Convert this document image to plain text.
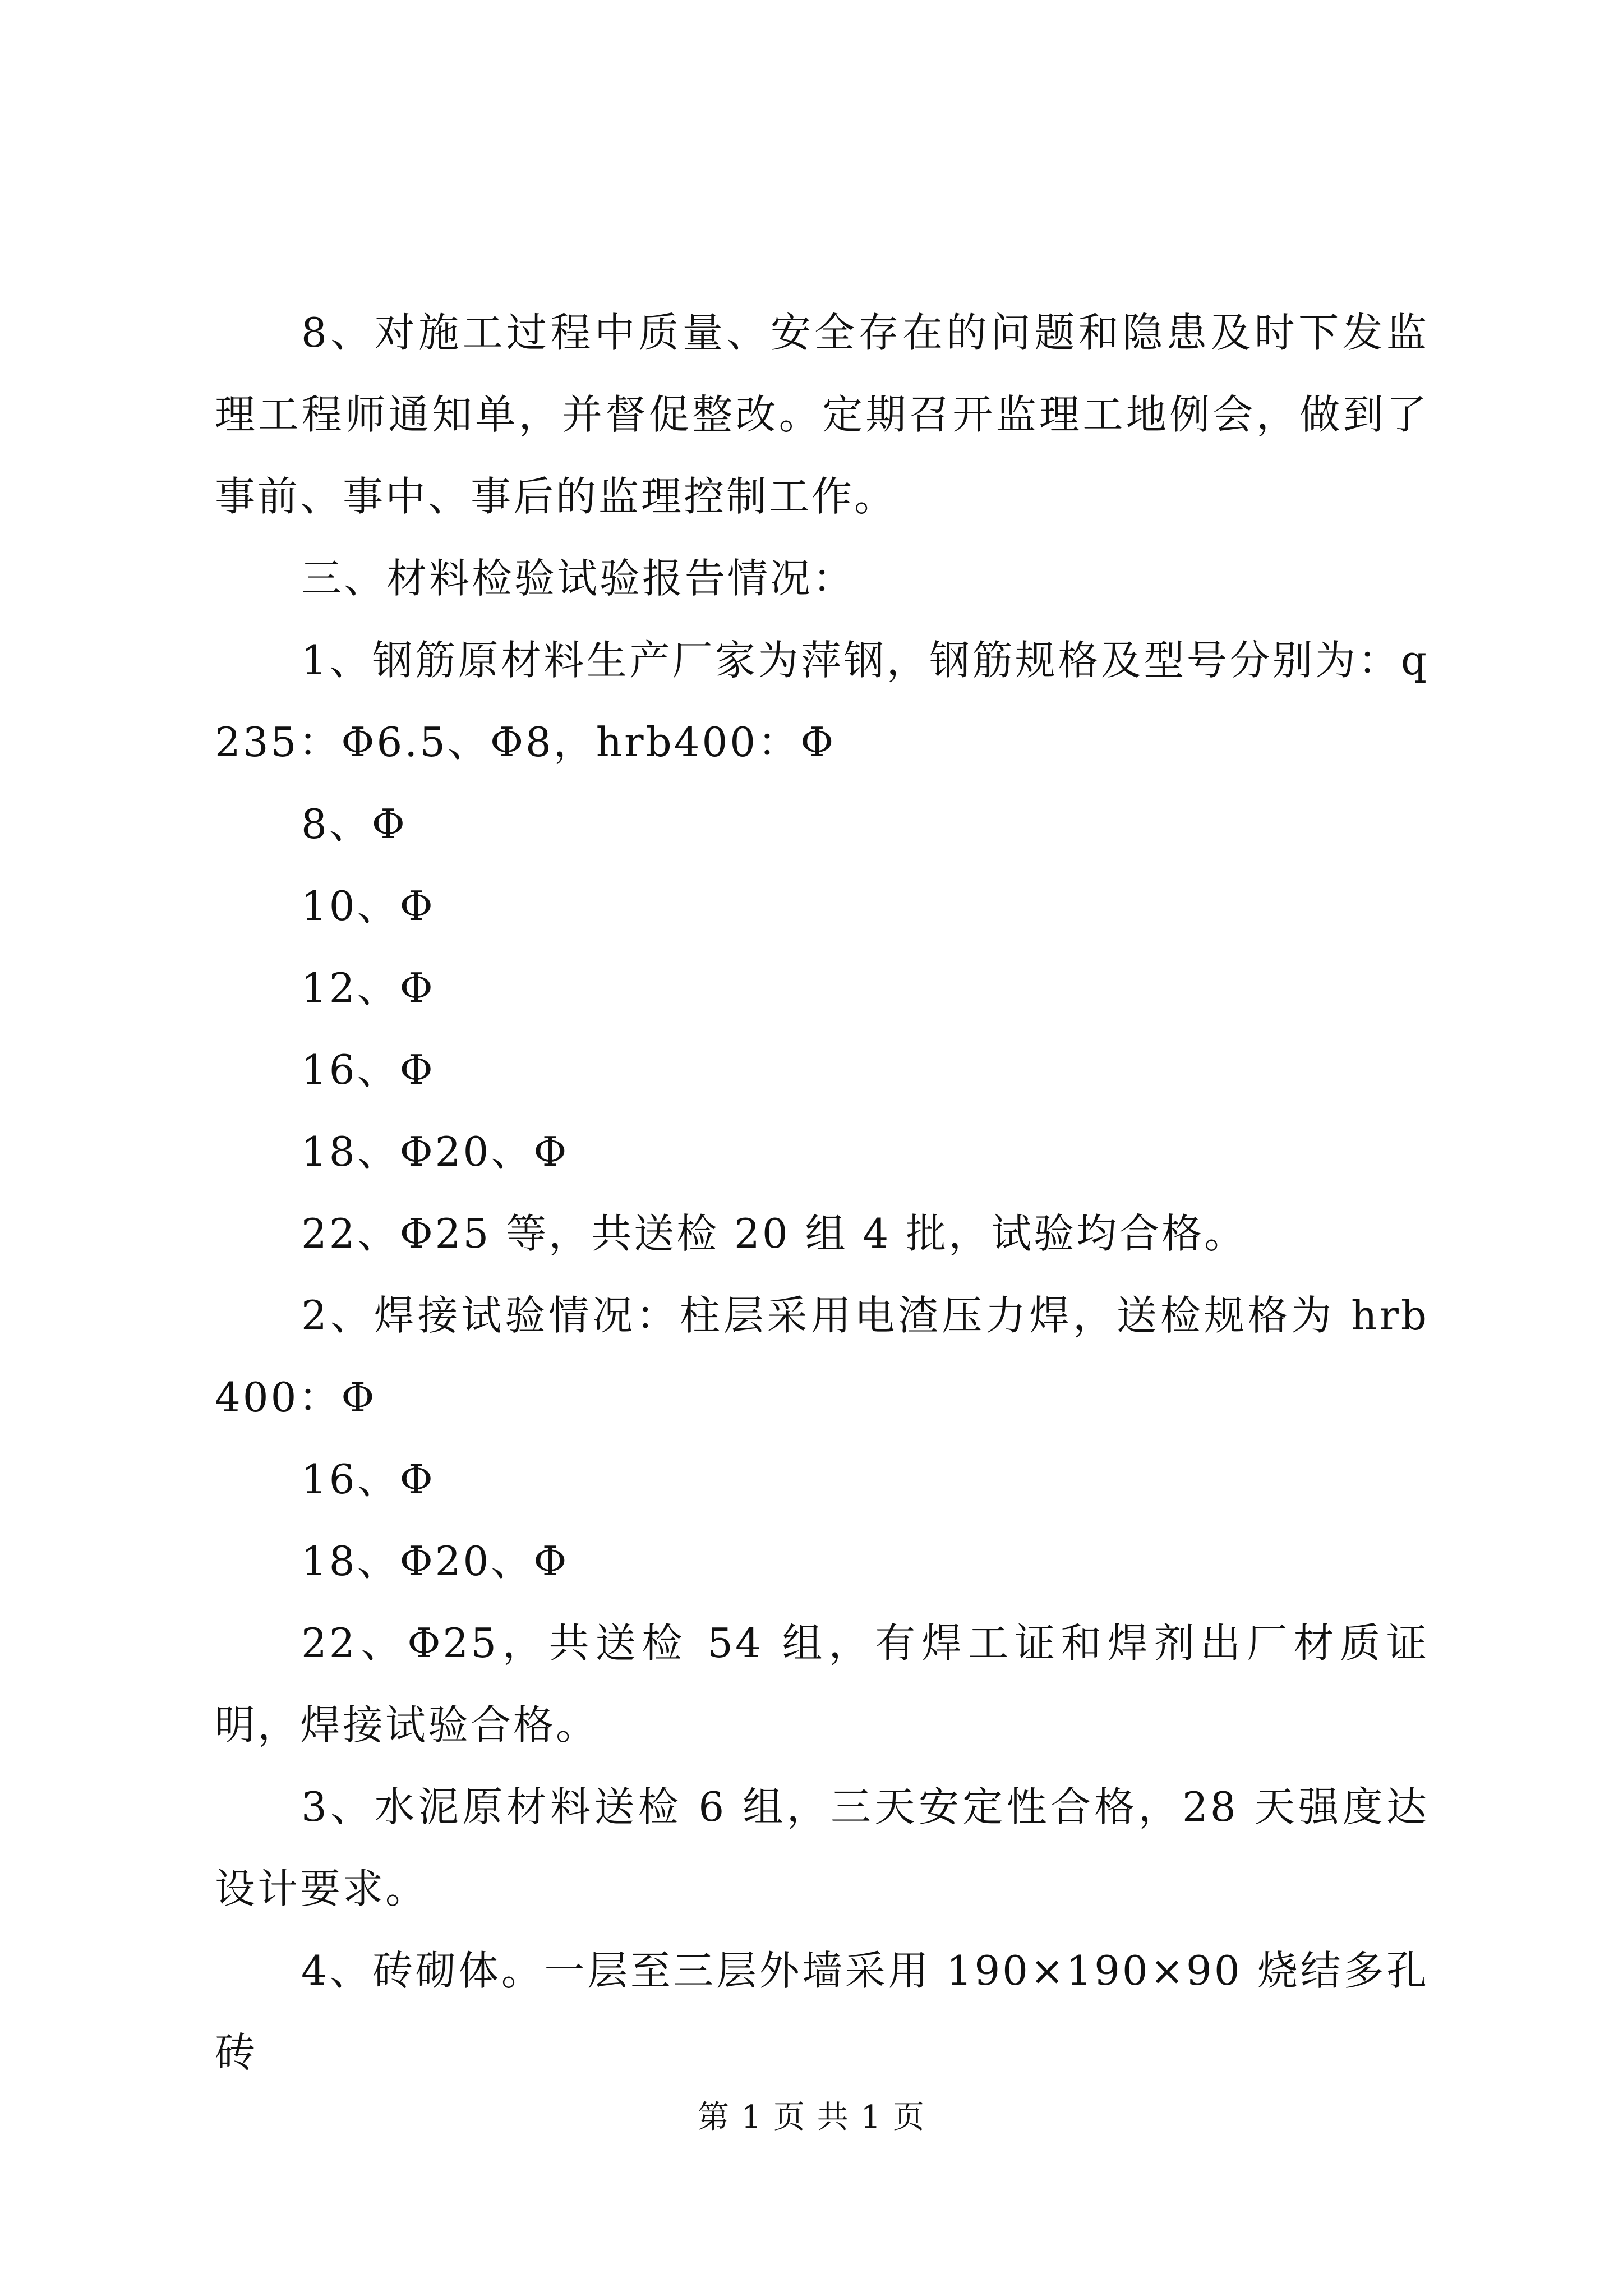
8、对施工过程中质量、安全存在的问题和隐患及时下发监理工程师通知单，并督促整改。定期召开监理工地例会，做到了事前、事中、事后的监理控制工作。

三、材料检验试验报告情况：

1、钢筋原材料生产厂家为萍钢，钢筋规格及型号分别为：q235：Φ6.5、Φ8，hrb400：Φ

8、Φ

10、Φ

12、Φ

16、Φ

18、Φ20、Φ

22、Φ25 等，共送检 20 组 4 批，试验均合格。

2、焊接试验情况：柱层采用电渣压力焊，送检规格为 hrb400：Φ

16、Φ

18、Φ20、Φ

22、Φ25，共送检 54 组，有焊工证和焊剂出厂材质证明，焊接试验合格。

3、水泥原材料送检 6 组，三天安定性合格，28 天强度达设计要求。

4、砖砌体。一层至三层外墙采用 190×190×90 烧结多孔砖

第 1 页 共 1 页
